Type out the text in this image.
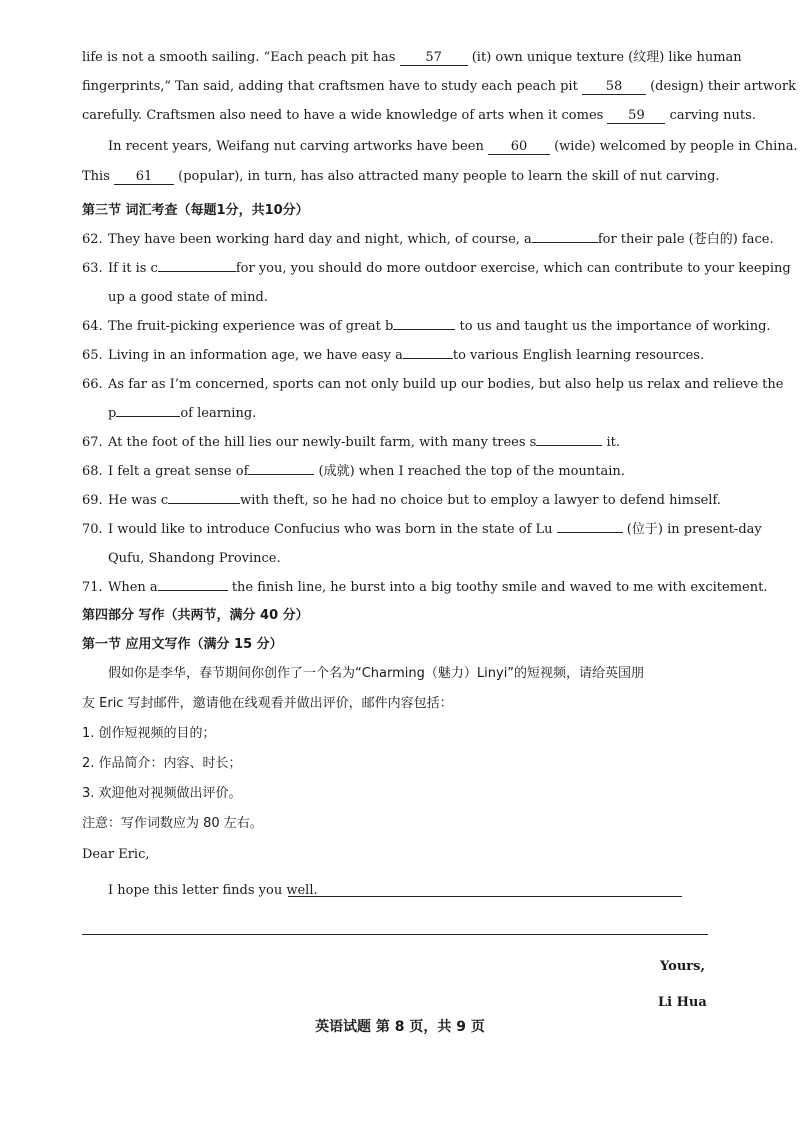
life is not a smooth sailing. “Each peach pit has 57 (it) own unique texture (纹理) like human
fingerprints,” Tan said, adding that craftsmen have to study each peach pit 58 (design) their artwork
carefully. Craftsmen also need to have a wide knowledge of arts when it comes 59 carving nuts.
In recent years, Weifang nut carving artworks have been 60 (wide) welcomed by people in China.
This 61 (popular), in turn, has also attracted many people to learn the skill of nut carving.
第三节 词汇考查（每题1分，共10分）
62. They have been working hard day and night, which, of course, a	for their pale (苍白的) face.
63. If it is c	for you, you should do more outdoor exercise, which can contribute to your keeping
up a good state of mind.
64. The fruit-picking experience was of great b	to us and taught us the importance of working.
65. Living in an information age, we have easy a	to various English learning resources.
66. As far as I’m concerned, sports can not only build up our bodies, but also help us relax and relieve the
p	of learning.
67. At the foot of the hill lies our newly-built farm, with many trees s	it.
68. I felt a great sense of	(成就) when I reached the top of the mountain.
69. He was c	with theft, so he had no choice but to employ a lawyer to defend himself.
70. I would like to introduce Confucius who was born in the state of Lu	(位于) in present-day
Qufu, Shandong Province.
71. When a	the finish line, he burst into a big toothy smile and waved to me with excitement.
第四部分 写作（共两节，满分 40 分）
第一节 应用文写作（满分 15 分）
假如你是李华，春节期间你创作了一个名为“Charming（魅力）Linyi”的短视频，请给英国朋
友 Eric 写封邮件，邀请他在线观看并做出评价，邮件内容包括：
1. 创作短视频的目的；
2. 作品简介：内容、时长；
3. 欢迎他对视频做出评价。
注意：写作词数应为 80 左右。
Dear Eric,
I hope this letter finds you well.
Yours,
Li Hua
英语试题 第 8 页，共 9 页
